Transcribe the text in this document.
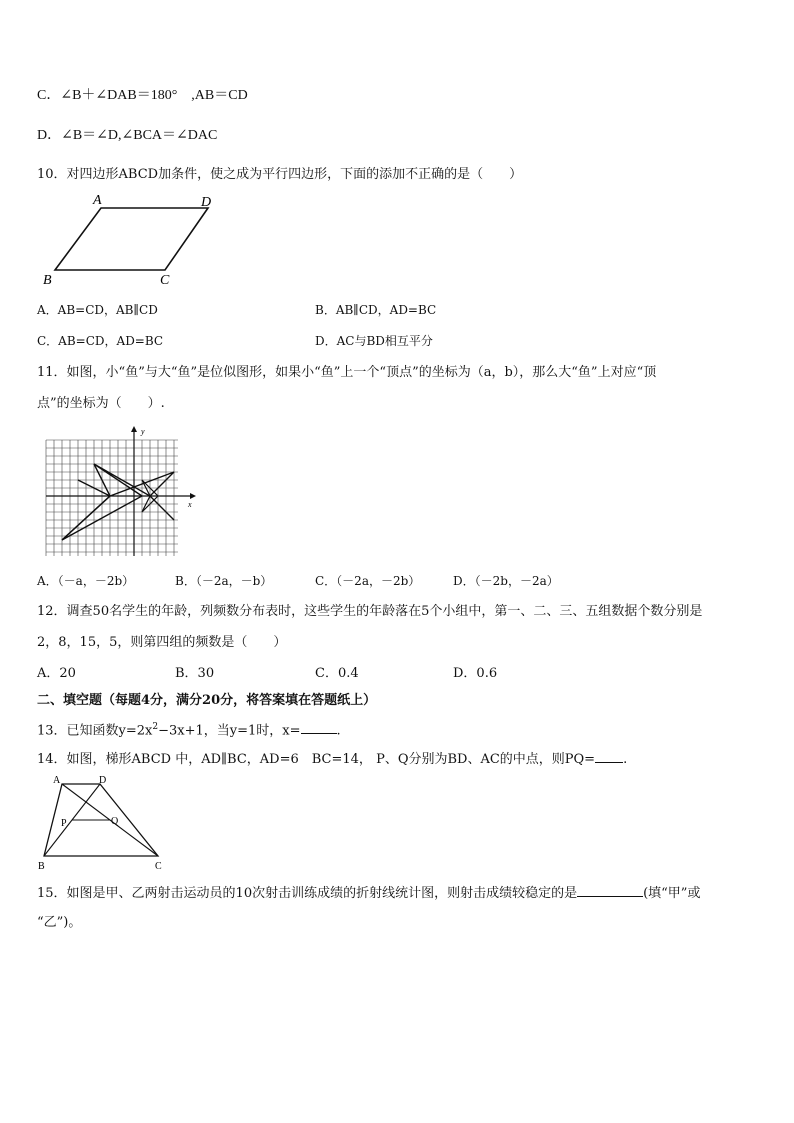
C．∠B＋∠DAB＝180°　,AB＝CD
D．∠B＝∠D,∠BCA＝∠DAC
10．对四边形ABCD加条件，使之成为平行四边形，下面的添加不正确的是（　　）
A	D
B	C
A．AB=CD，AB∥CD	B．AB∥CD，AD=BC
C．AB=CD，AD=BC	D．AC与BD相互平分
11．如图，小“鱼”与大“鱼”是位似图形，如果小“鱼”上一个“顶点”的坐标为（a，b），那么大“鱼”上对应“顶
点”的坐标为（　　）.
y
x
A．（－a，－2b）	B．（－2a，－b）	C．（－2a，－2b）	D．（－2b，－2a）
12．调查50名学生的年龄，列频数分布表时，这些学生的年龄落在5个小组中，第一、二、三、五组数据个数分别是
2，8，15，5，则第四组的频数是（　　）
A．20	B．30	C．0.4	D．0.6
二、填空题（每题4分，满分20分，将答案填在答题纸上）
13．已知函数$y=2x^2-3x+1$，当y=1时，x=	.
14．如图，梯形ABCD 中，AD∥BC，AD=6　BC=14， P、Q分别为BD、AC的中点，则PQ= .
A	D
P	Q
B	C
15．如图是甲、乙两射击运动员的10次射击训练成绩的折射线统计图，则射击成绩较稳定的是	(填“甲”或
“乙”)。
